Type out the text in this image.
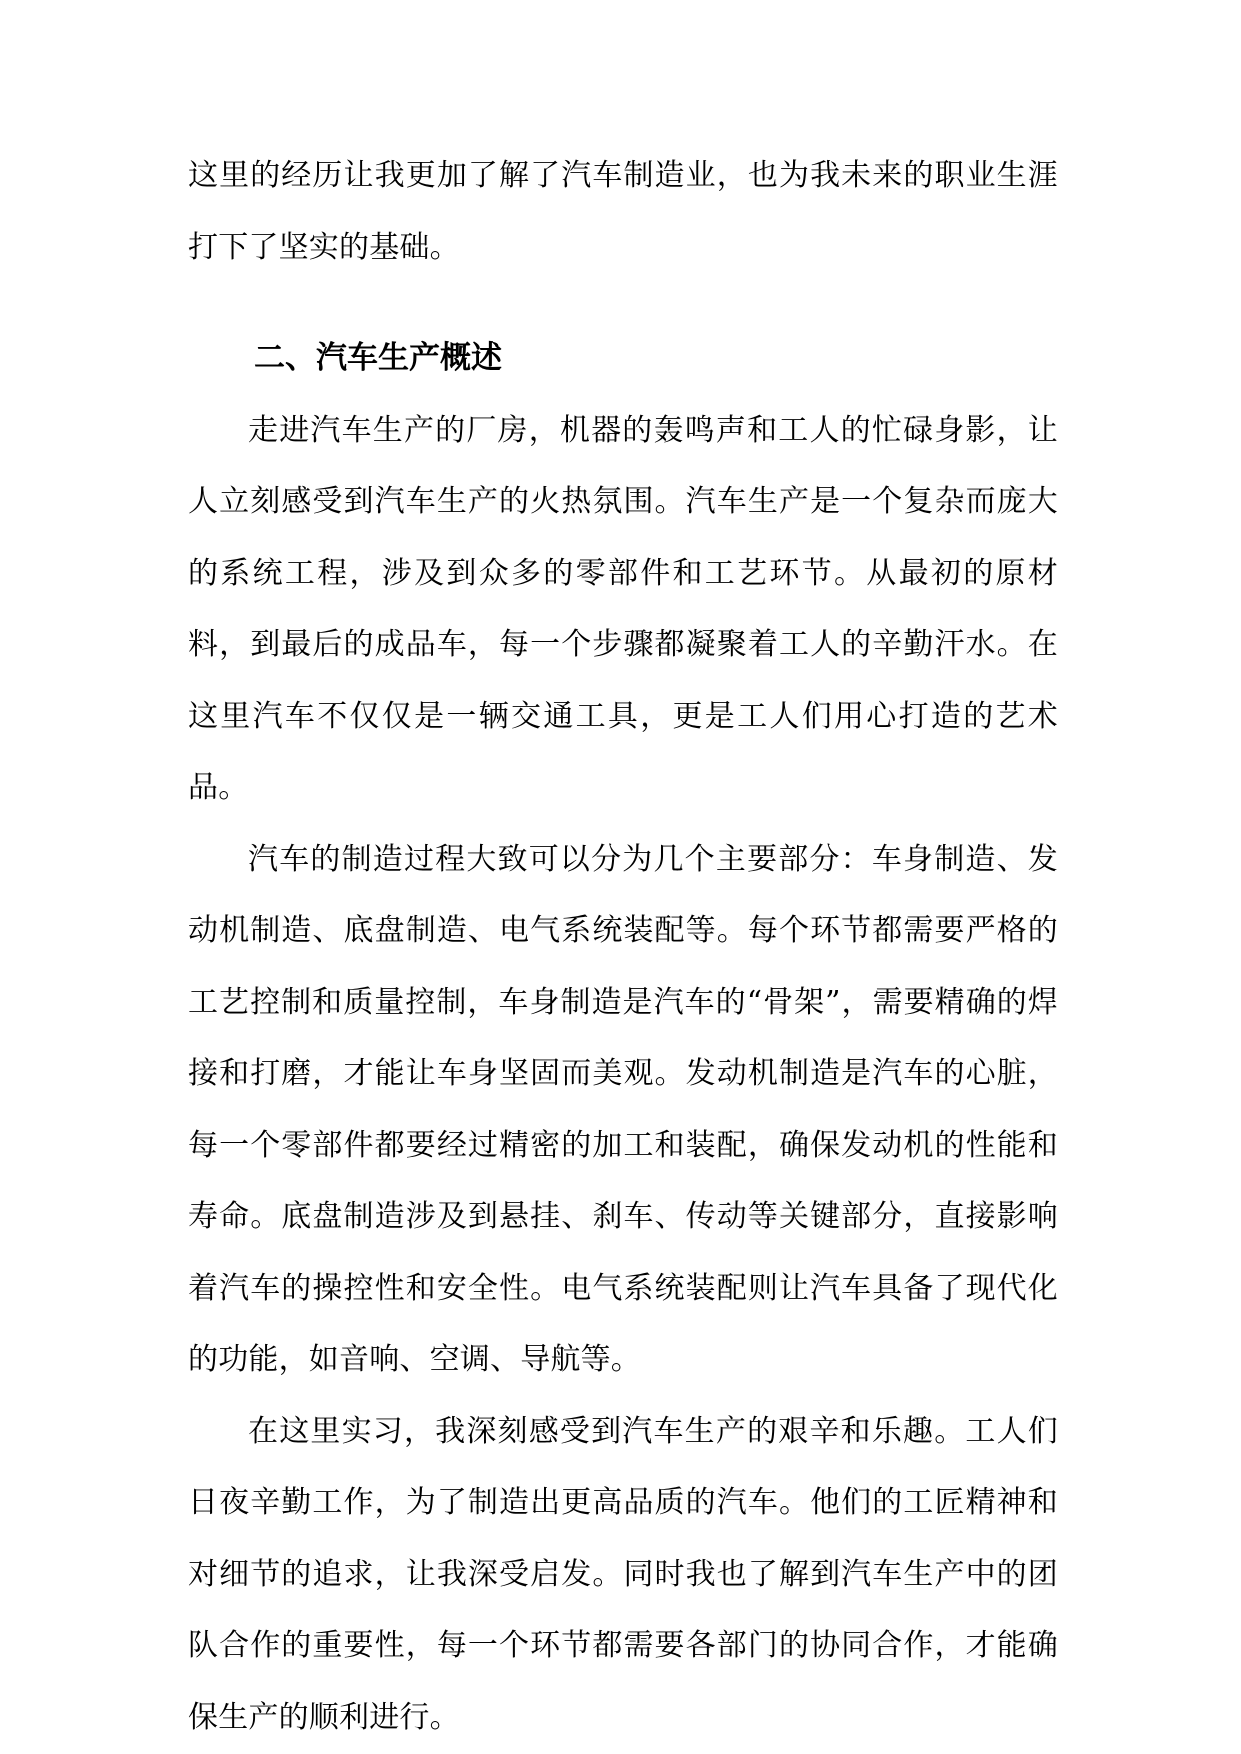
这里的经历让我更加了解了汽车制造业，也为我未来的职业生涯打下了坚实的基础。

二、汽车生产概述

走进汽车生产的厂房，机器的轰鸣声和工人的忙碌身影，让人立刻感受到汽车生产的火热氛围。汽车生产是一个复杂而庞大的系统工程，涉及到众多的零部件和工艺环节。从最初的原材料，到最后的成品车，每一个步骤都凝聚着工人的辛勤汗水。在这里汽车不仅仅是一辆交通工具，更是工人们用心打造的艺术品。

汽车的制造过程大致可以分为几个主要部分：车身制造、发动机制造、底盘制造、电气系统装配等。每个环节都需要严格的工艺控制和质量控制，车身制造是汽车的“骨架”，需要精确的焊接和打磨，才能让车身坚固而美观。发动机制造是汽车的心脏，每一个零部件都要经过精密的加工和装配，确保发动机的性能和寿命。底盘制造涉及到悬挂、刹车、传动等关键部分，直接影响着汽车的操控性和安全性。电气系统装配则让汽车具备了现代化的功能，如音响、空调、导航等。

在这里实习，我深刻感受到汽车生产的艰辛和乐趣。工人们日夜辛勤工作，为了制造出更高品质的汽车。他们的工匠精神和对细节的追求，让我深受启发。同时我也了解到汽车生产中的团队合作的重要性，每一个环节都需要各部门的协同合作，才能确保生产的顺利进行。
